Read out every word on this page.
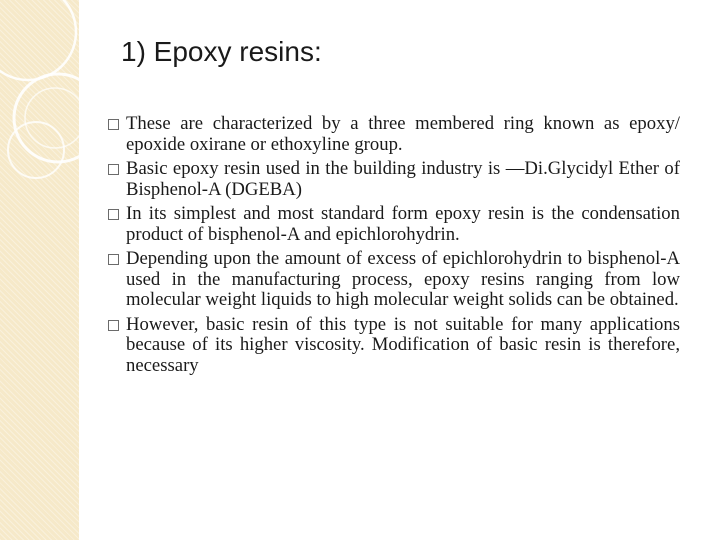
1) Epoxy resins:
These are characterized by a three membered ring known as epoxy/ epoxide oxirane or ethoxyline group.
Basic epoxy resin used in the building industry is —Di.Glycidyl Ether of Bisphenol-A (DGEBA)
In its simplest and most standard form epoxy resin is the condensation product of bisphenol-A and epichlorohydrin.
Depending upon the amount of excess of epichlorohydrin to bisphenol-A used in the manufacturing process, epoxy resins ranging from low molecular weight liquids to high molecular weight solids can be obtained.
However, basic resin of this type is not suitable for many applications because of its higher viscosity. Modification of basic resin is therefore, necessary
